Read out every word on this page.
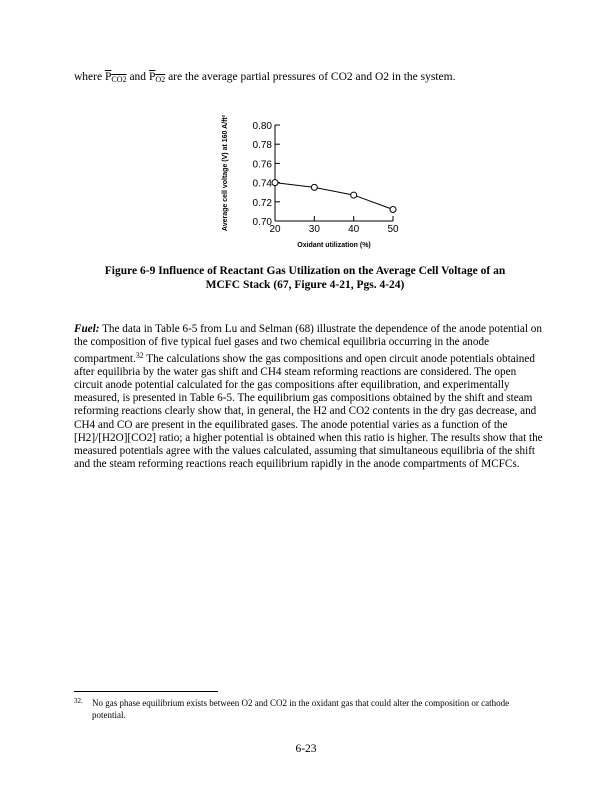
where $P_{CO2}$ and $P_{O2}$ are the average partial pressures of CO2 and O2 in the system.
0.70
0.72
0.74
0.76
0.78
0.80
20	30	40	50
Oxidant utilization (%)
Average cell voltage (V) at 160 A/ft²
Figure 6-9 Influence of Reactant Gas Utilization on the Average Cell Voltage of an
MCFC Stack (67, Figure 4-21, Pgs. 4-24)
Fuel: The data in Table 6-5 from Lu and Selman (68) illustrate the dependence of the anode potential on the composition of five typical fuel gases and two chemical equilibria occurring in the anode compartment.$^{32}$ The calculations show the gas compositions and open circuit anode potentials obtained after equilibria by the water gas shift and CH4 steam reforming reactions are considered. The open circuit anode potential calculated for the gas compositions after equilibration, and experimentally measured, is presented in Table 6-5. The equilibrium gas compositions obtained by the shift and steam reforming reactions clearly show that, in general, the H2 and CO2 contents in the dry gas decrease, and CH4 and CO are present in the equilibrated gases. The anode potential varies as a function of the [H2]/[H2O][CO2] ratio; a higher potential is obtained when this ratio is higher. The results show that the measured potentials agree with the values calculated, assuming that simultaneous equilibria of the shift and the steam reforming reactions reach equilibrium rapidly in the anode compartments of MCFCs.
32.	No gas phase equilibrium exists between O2 and CO2 in the oxidant gas that could alter the composition or cathode potential.
6-23
